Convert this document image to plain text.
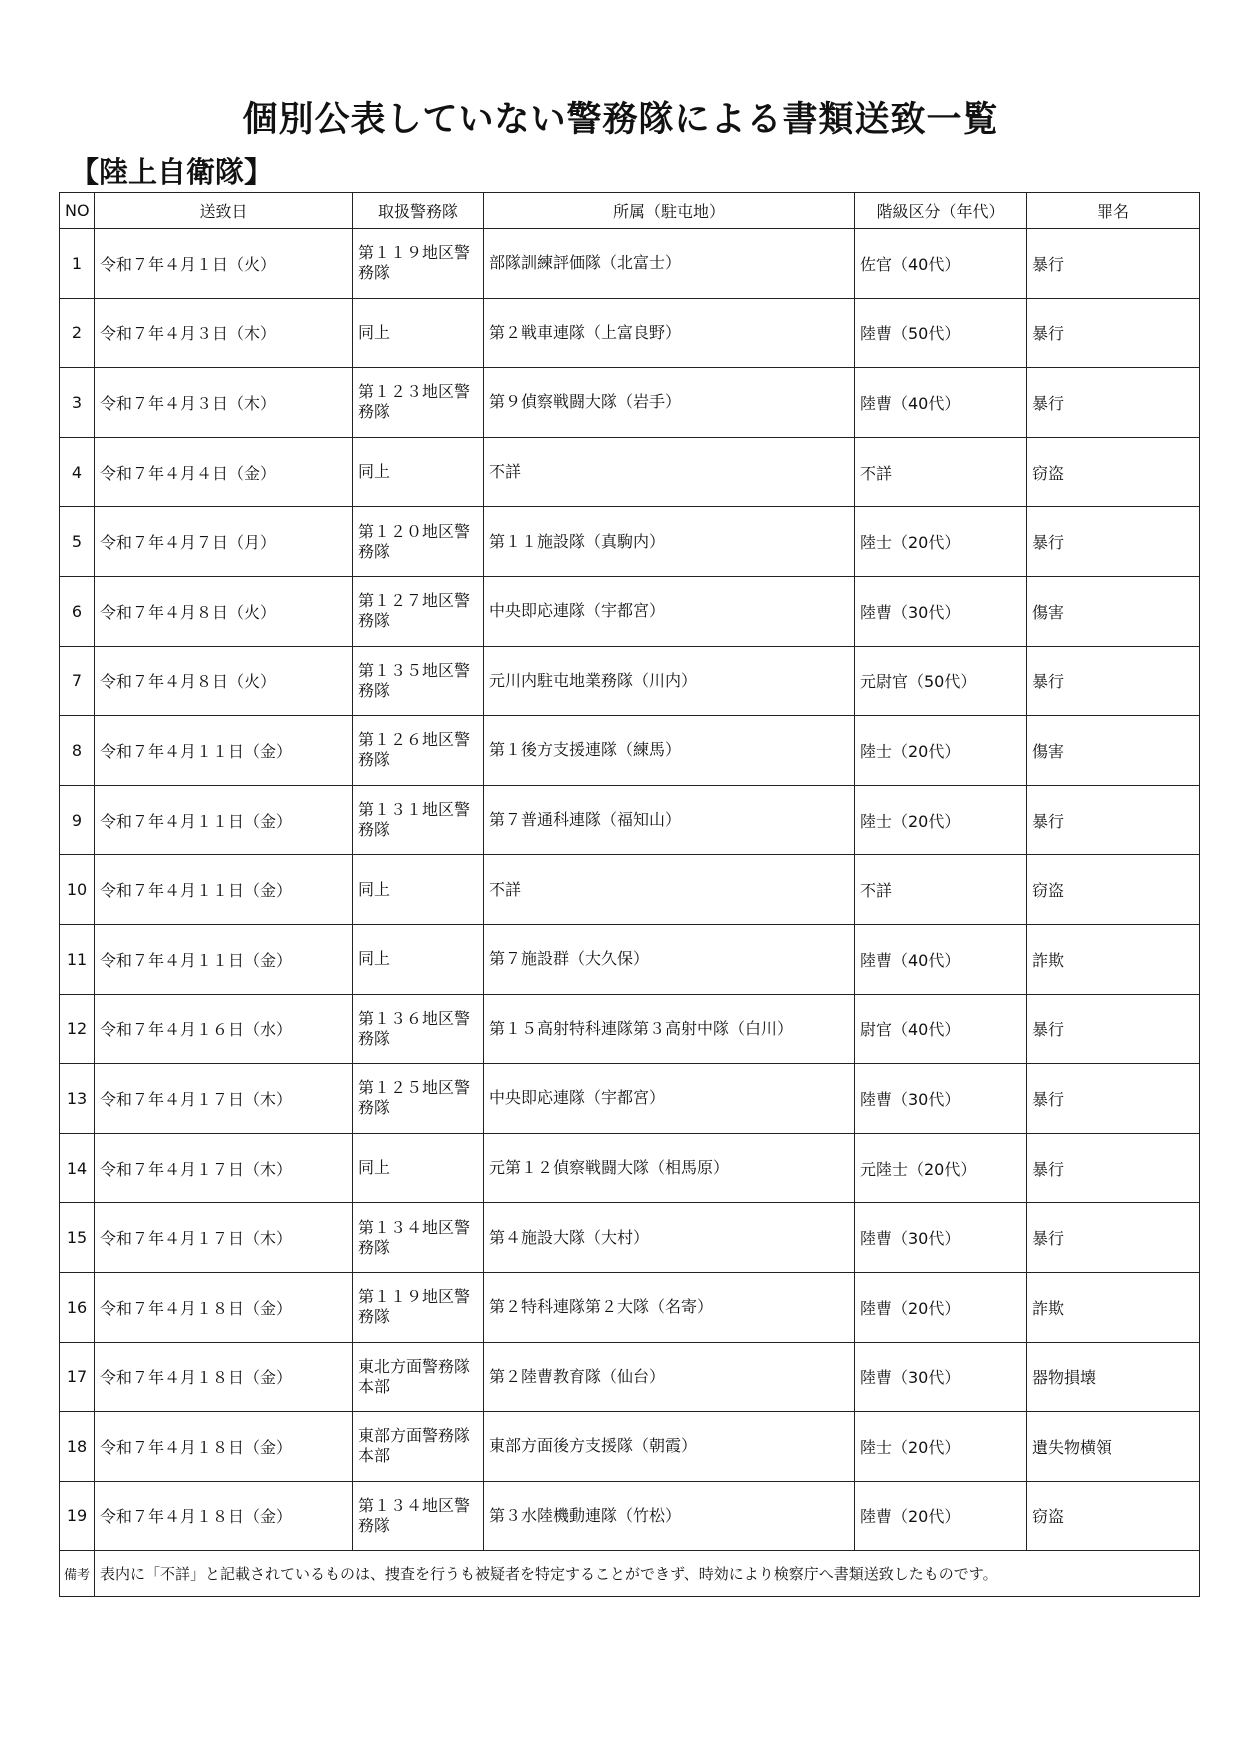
個別公表していない警務隊による書類送致一覧
【陸上自衛隊】
NO	送致日	取扱警務隊	所属（駐屯地）	階級区分（年代）	罪名
1	令和７年４月１日（火）	第１１９地区警務隊	部隊訓練評価隊（北富士）	佐官（40代）	暴行
2	令和７年４月３日（木）	同上	第２戦車連隊（上富良野）	陸曹（50代）	暴行
3	令和７年４月３日（木）	第１２３地区警務隊	第９偵察戦闘大隊（岩手）	陸曹（40代）	暴行
4	令和７年４月４日（金）	同上	不詳	不詳	窃盗
5	令和７年４月７日（月）	第１２０地区警務隊	第１１施設隊（真駒内）	陸士（20代）	暴行
6	令和７年４月８日（火）	第１２７地区警務隊	中央即応連隊（宇都宮）	陸曹（30代）	傷害
7	令和７年４月８日（火）	第１３５地区警務隊	元川内駐屯地業務隊（川内）	元尉官（50代）	暴行
8	令和７年４月１１日（金）	第１２６地区警務隊	第１後方支援連隊（練馬）	陸士（20代）	傷害
9	令和７年４月１１日（金）	第１３１地区警務隊	第７普通科連隊（福知山）	陸士（20代）	暴行
10	令和７年４月１１日（金）	同上	不詳	不詳	窃盗
11	令和７年４月１１日（金）	同上	第７施設群（大久保）	陸曹（40代）	詐欺
12	令和７年４月１６日（水）	第１３６地区警務隊	第１５高射特科連隊第３高射中隊（白川）	尉官（40代）	暴行
13	令和７年４月１７日（木）	第１２５地区警務隊	中央即応連隊（宇都宮）	陸曹（30代）	暴行
14	令和７年４月１７日（木）	同上	元第１２偵察戦闘大隊（相馬原）	元陸士（20代）	暴行
15	令和７年４月１７日（木）	第１３４地区警務隊	第４施設大隊（大村）	陸曹（30代）	暴行
16	令和７年４月１８日（金）	第１１９地区警務隊	第２特科連隊第２大隊（名寄）	陸曹（20代）	詐欺
17	令和７年４月１８日（金）	東北方面警務隊本部	第２陸曹教育隊（仙台）	陸曹（30代）	器物損壊
18	令和７年４月１８日（金）	東部方面警務隊本部	東部方面後方支援隊（朝霞）	陸士（20代）	遺失物横領
19	令和７年４月１８日（金）	第１３４地区警務隊	第３水陸機動連隊（竹松）	陸曹（20代）	窃盗
備考	表内に「不詳」と記載されているものは、捜査を行うも被疑者を特定することができず、時効により検察庁へ書類送致したものです。				
